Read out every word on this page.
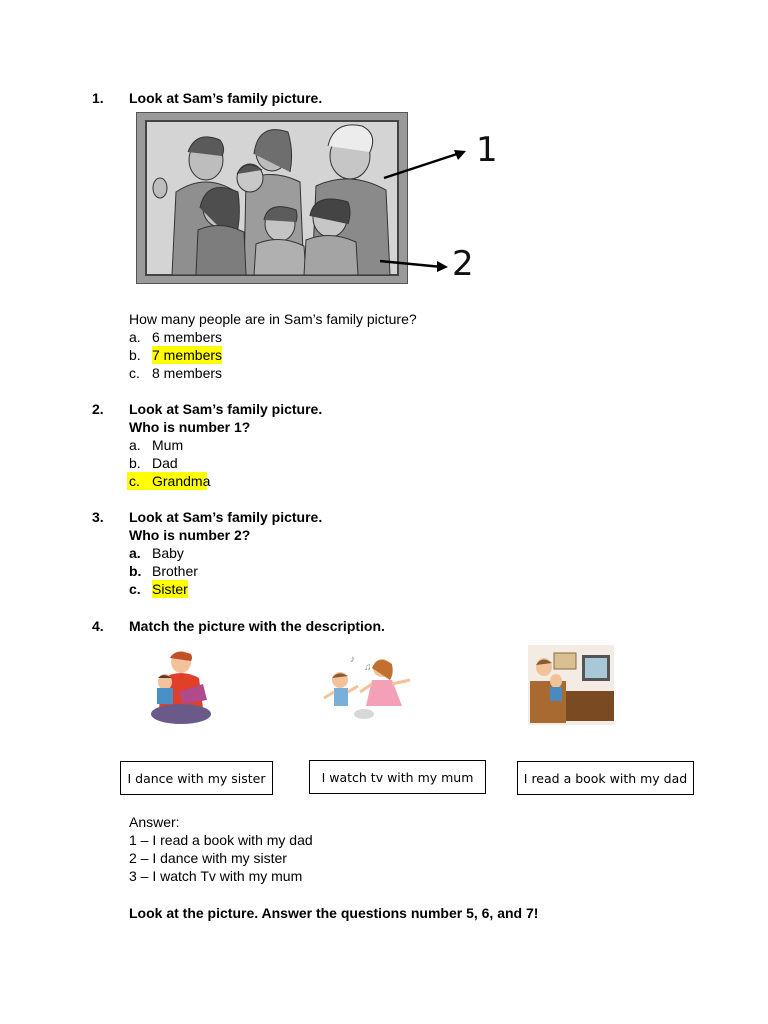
1. Look at Sam’s family picture.
1
2
How many people are in Sam’s family picture?
a. 6 members
b. 7 members
c. 8 members
2. Look at Sam’s family picture.
Who is number 1?
a. Mum
b. Dad
c. Grandma
3. Look at Sam’s family picture.
Who is number 2?
a. Baby
b. Brother
c. Sister
4. Match the picture with the description.
♪
♫
I dance with my sister	I watch tv with my mum	I read a book with my dad
Answer:
1 – I read a book with my dad
2 – I dance with my sister
3 – I watch Tv with my mum
Look at the picture. Answer the questions number 5, 6, and 7!
